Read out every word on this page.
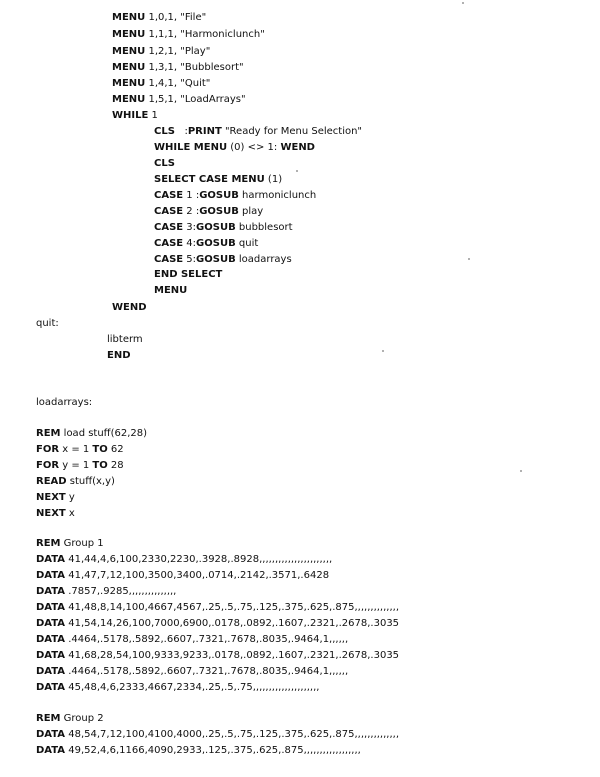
MENU 1,0,1, "File"
MENU 1,1,1, "Harmoniclunch"
MENU 1,2,1, "Play"
MENU 1,3,1, "Bubblesort"
MENU 1,4,1, "Quit"
MENU 1,5,1, "LoadArrays"
WHILE 1
CLS   :PRINT "Ready for Menu Selection"
WHILE MENU (0) <> 1: WEND
CLS
SELECT CASE MENU (1)
CASE 1 :GOSUB harmoniclunch
CASE 2 :GOSUB play
CASE 3:GOSUB bubblesort
CASE 4:GOSUB quit
CASE 5:GOSUB loadarrays
END SELECT
MENU
WEND
quit:
libterm
END
loadarrays:
REM load stuff(62,28)
FOR x = 1 TO 62
FOR y = 1 TO 28
READ stuff(x,y)
NEXT y
NEXT x
REM Group 1
DATA 41,44,4,6,100,2330,2230,.3928,.8928,,,,,,,,,,,,,,,,,,,,,,,
DATA 41,47,7,12,100,3500,3400,.0714,.2142,.3571,.6428
DATA .7857,.9285,,,,,,,,,,,,,,,
DATA 41,48,8,14,100,4667,4567,.25,.5,.75,.125,.375,.625,.875,,,,,,,,,,,,,,
DATA 41,54,14,26,100,7000,6900,.0178,.0892,.1607,.2321,.2678,.3035
DATA .4464,.5178,.5892,.6607,.7321,.7678,.8035,.9464,1,,,,,,
DATA 41,68,28,54,100,9333,9233,.0178,.0892,.1607,.2321,.2678,.3035
DATA .4464,.5178,.5892,.6607,.7321,.7678,.8035,.9464,1,,,,,,
DATA 45,48,4,6,2333,4667,2334,.25,.5,.75,,,,,,,,,,,,,,,,,,,,,
REM Group 2
DATA 48,54,7,12,100,4100,4000,.25,.5,.75,.125,.375,.625,.875,,,,,,,,,,,,,,
DATA 49,52,4,6,1166,4090,2933,.125,.375,.625,.875,,,,,,,,,,,,,,,,,,
